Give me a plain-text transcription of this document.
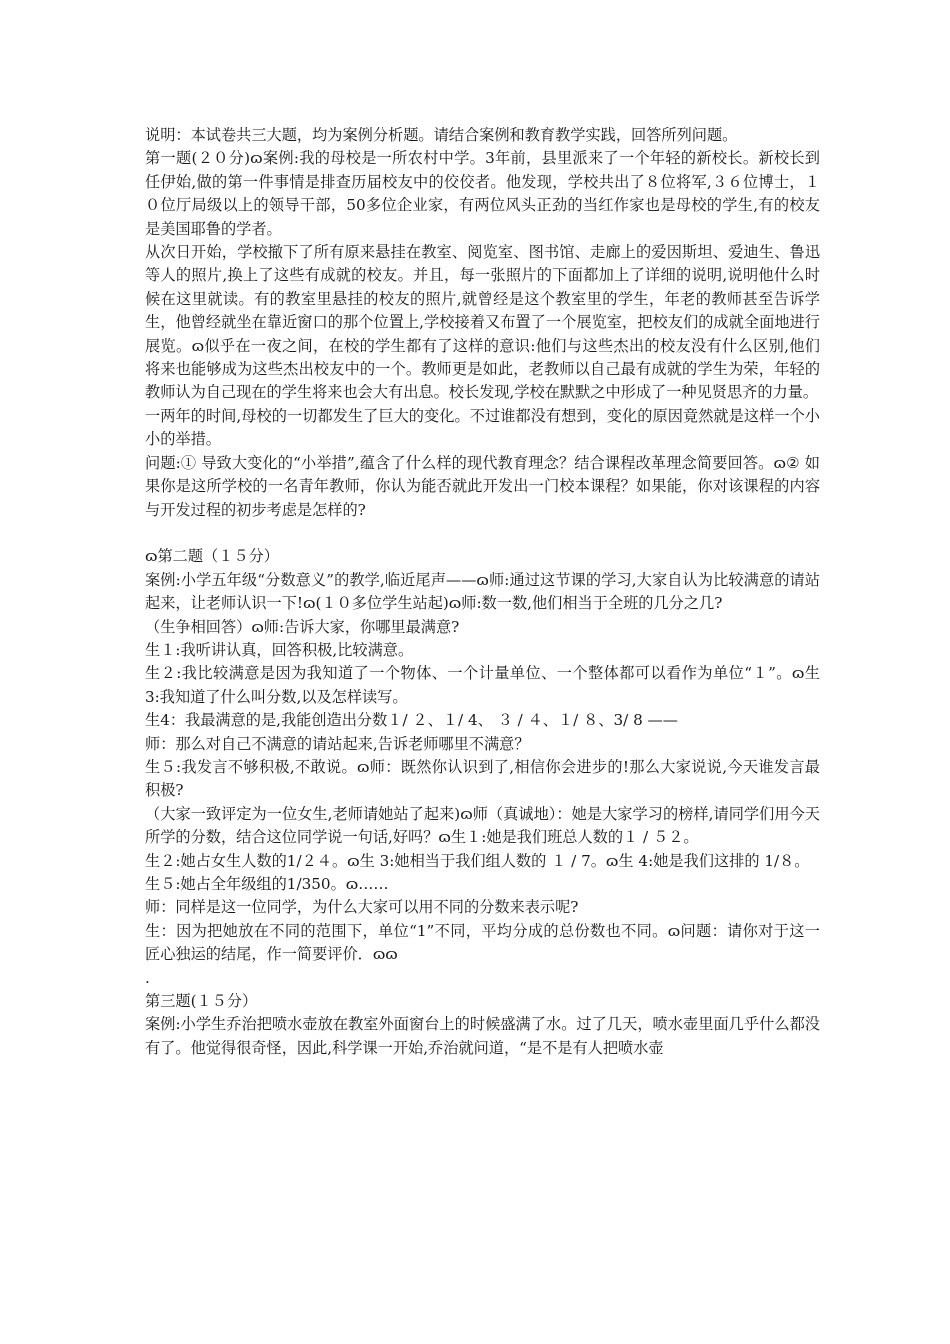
说明：本试卷共三大题，均为案例分析题。请结合案例和教育教学实践，回答所列问题。

第一题(２０分)ɷ案例:我的母校是一所农村中学。3年前，县里派来了一个年轻的新校长。新校长到任伊始,做的第一件事情是排查历届校友中的佼佼者。他发现，学校共出了８位将军,３６位博士，１０位厅局级以上的领导干部，50多位企业家，有两位风头正劲的当红作家也是母校的学生,有的校友是美国耶鲁的学者。

从次日开始，学校撤下了所有原来悬挂在教室、阅览室、图书馆、走廊上的爱因斯坦、爱迪生、鲁迅等人的照片,换上了这些有成就的校友。并且，每一张照片的下面都加上了详细的说明,说明他什么时候在这里就读。有的教室里悬挂的校友的照片,就曾经是这个教室里的学生，年老的教师甚至告诉学生，他曾经就坐在靠近窗口的那个位置上,学校接着又布置了一个展览室，把校友们的成就全面地进行展览。ɷ似乎在一夜之间，在校的学生都有了这样的意识:他们与这些杰出的校友没有什么区别,他们将来也能够成为这些杰出校友中的一个。教师更是如此，老教师以自己最有成就的学生为荣，年轻的教师认为自己现在的学生将来也会大有出息。校长发现,学校在默默之中形成了一种见贤思齐的力量。

一两年的时间,母校的一切都发生了巨大的变化。不过谁都没有想到，变化的原因竟然就是这样一个小小的举措。

问题:① 导致大变化的“小举措”,蕴含了什么样的现代教育理念？结合课程改革理念简要回答。ɷ② 如果你是这所学校的一名青年教师，你认为能否就此开发出一门校本课程？如果能，你对该课程的内容与开发过程的初步考虑是怎样的?

ɷ第二题（１５分）

案例:小学五年级“分数意义”的教学,临近尾声——ɷ师:通过这节课的学习,大家自认为比较满意的请站起来，让老师认识一下!ɷ(１０多位学生站起)ɷ师:数一数,他们相当于全班的几分之几?

（生争相回答）ɷ师:告诉大家，你哪里最满意?

生１:我听讲认真，回答积极,比较满意。

生２:我比较满意是因为我知道了一个物体、一个计量单位、一个整体都可以看作为单位“１”。ɷ生 3:我知道了什么叫分数,以及怎样读写。

生4：我最满意的是,我能创造出分数１/ ２、１/ 4、 ３ / ４、１/ ８、3/ 8 ——

师：那么对自己不满意的请站起来,告诉老师哪里不满意？

生５:我发言不够积极,不敢说。ɷ师：既然你认识到了,相信你会进步的!那么大家说说,今天谁发言最积极?

（大家一致评定为一位女生,老师请她站了起来)ɷ师（真诚地）：她是大家学习的榜样,请同学们用今天所学的分数，结合这位同学说一句话,好吗？ɷ生１:她是我们班总人数的１ / ５２。

生２:她占女生人数的1/２４。ɷ生 3:她相当于我们组人数的 １ / 7。ɷ生 4:她是我们这排的 1/８。

生５:她占全年级组的1/350。ɷ……

师：同样是这一位同学，为什么大家可以用不同的分数来表示呢?

生：因为把她放在不同的范围下，单位“1”不同，平均分成的总份数也不同。ɷ问题：请你对于这一匠心独运的结尾，作一简要评价．ɷɷ

.

第三题(１５分）

案例:小学生乔治把喷水壶放在教室外面窗台上的时候盛满了水。过了几天，喷水壶里面几乎什么都没有了。他觉得很奇怪，因此,科学课一开始,乔治就问道，“是不是有人把喷水壶
